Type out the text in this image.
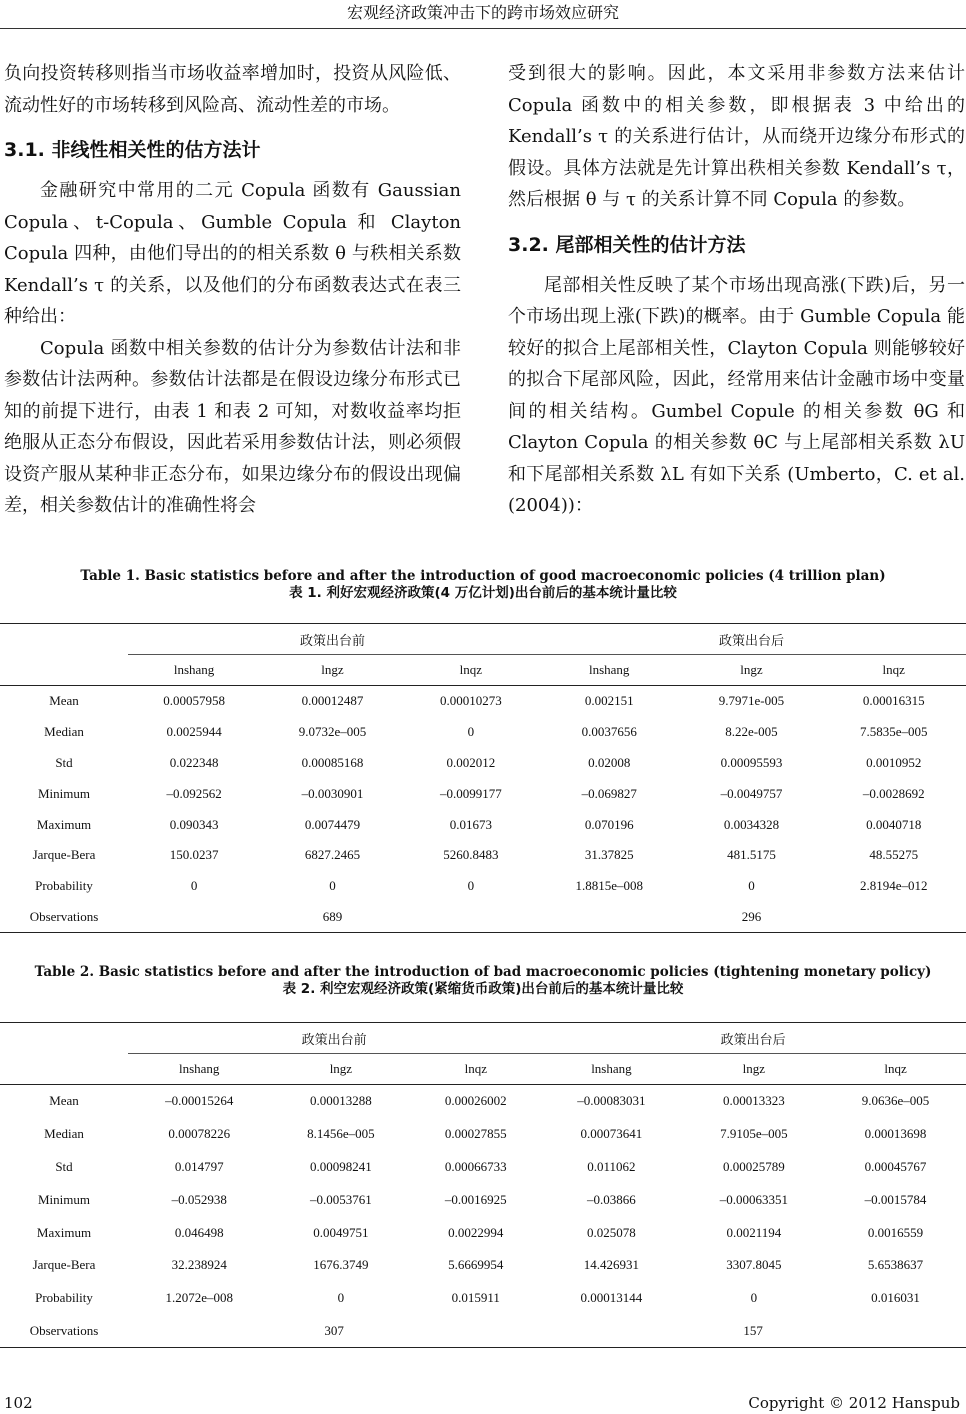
宏观经济政策冲击下的跨市场效应研究

负向投资转移则指当市场收益率增加时，投资从风险低、流动性好的市场转移到风险高、流动性差的市场。

3.1. 非线性相关性的估方法计

金融研究中常用的二元 Copula 函数有 Gaussian Copula、t-Copula、Gumble Copula 和 Clayton Copula 四种，由他们导出的的相关系数 θ 与秩相关系数 Kendall’s τ 的关系，以及他们的分布函数表达式在表三种给出：

Copula 函数中相关参数的估计分为参数估计法和非参数估计法两种。参数估计法都是在假设边缘分布形式已知的前提下进行，由表 1 和表 2 可知，对数收益率均拒绝服从正态分布假设，因此若采用参数估计法，则必须假设资产服从某种非正态分布，如果边缘分布的假设出现偏差，相关参数估计的准确性将会

受到很大的影响。因此，本文采用非参数方法来估计 Copula 函数中的相关参数，即根据表 3 中给出的 Kendall’s τ 的关系进行估计，从而绕开边缘分布形式的假设。具体方法就是先计算出秩相关参数 Kendall’s τ，然后根据 θ 与 τ 的关系计算不同 Copula 的参数。

3.2. 尾部相关性的估计方法

尾部相关性反映了某个市场出现高涨(下跌)后，另一个市场出现上涨(下跌)的概率。由于 Gumble Copula 能较好的拟合上尾部相关性，Clayton Copula 则能够较好的拟合下尾部风险，因此，经常用来估计金融市场中变量间的相关结构。Gumbel Copule 的相关参数 θG 和 Clayton Copula 的相关参数 θC 与上尾部相关系数 λU 和下尾部相关系数 λL 有如下关系 (Umberto，C. et al. (2004))：

Table 1. Basic statistics before and after the introduction of good macroeconomic policies (4 trillion plan)
表 1. 利好宏观经济政策(4 万亿计划)出台前后的基本统计量比较
	政策出台前			政策出台后		
	lnshang	lngz	lnqz	lnshang	lngz	lnqz
Mean	0.00057958	0.00012487	0.00010273	0.002151	9.7971e-005	0.00016315
Median	0.0025944	9.0732e–005	0	0.0037656	8.22e-005	7.5835e–005
Std	0.022348	0.00085168	0.002012	0.02008	0.00095593	0.0010952
Minimum	–0.092562	–0.0030901	–0.0099177	–0.069827	–0.0049757	–0.0028692
Maximum	0.090343	0.0074479	0.01673	0.070196	0.0034328	0.0040718
Jarque-Bera	150.0237	6827.2465	5260.8483	31.37825	481.5175	48.55275
Probability	0	0	0	1.8815e–008	0	2.8194e–012
Observations	689			296		
Table 2. Basic statistics before and after the introduction of bad macroeconomic policies (tightening monetary policy)
表 2. 利空宏观经济政策(紧缩货币政策)出台前后的基本统计量比较
	政策出台前			政策出台后		
	lnshang	lngz	lnqz	lnshang	lngz	lnqz
Mean	–0.00015264	0.00013288	0.00026002	–0.00083031	0.00013323	9.0636e–005
Median	0.00078226	8.1456e–005	0.00027855	0.00073641	7.9105e–005	0.00013698
Std	0.014797	0.00098241	0.00066733	0.011062	0.00025789	0.00045767
Minimum	–0.052938	–0.0053761	–0.0016925	–0.03866	–0.00063351	–0.0015784
Maximum	0.046498	0.0049751	0.0022994	0.025078	0.0021194	0.0016559
Jarque-Bera	32.238924	1676.3749	5.6669954	14.426931	3307.8045	5.6538637
Probability	1.2072e–008	0	0.015911	0.00013144	0	0.016031
Observations	307			157		
102	Copyright © 2012 Hanspub
